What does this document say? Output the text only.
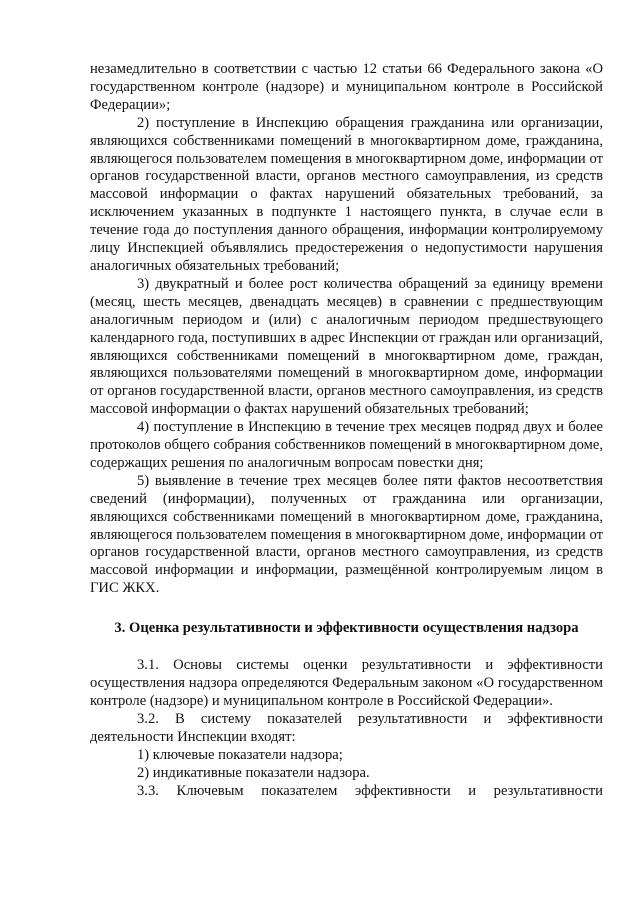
незамедлительно в соответствии с частью 12 статьи 66 Федерального закона «О государственном контроле (надзоре) и муниципальном контроле в Российской Федерации»;

2) поступление в Инспекцию обращения гражданина или организации, являющихся собственниками помещений в многоквартирном доме, гражданина, являющегося пользователем помещения в многоквартирном доме, информации от органов государственной власти, органов местного самоуправления, из средств массовой информации о фактах нарушений обязательных требований, за исключением указанных в подпункте 1 настоящего пункта, в случае если в течение года до поступления данного обращения, информации контролируемому лицу Инспекцией объявлялись предостережения о недопустимости нарушения аналогичных обязательных требований;

3) двукратный и более рост количества обращений за единицу времени (месяц, шесть месяцев, двенадцать месяцев) в сравнении с предшествующим аналогичным периодом и (или) с аналогичным периодом предшествующего календарного года, поступивших в адрес Инспекции от граждан или организаций, являющихся собственниками помещений в многоквартирном доме, граждан, являющихся пользователями помещений в многоквартирном доме, информации от органов государственной власти, органов местного самоуправления, из средств массовой информации о фактах нарушений обязательных требований;

4) поступление в Инспекцию в течение трех месяцев подряд двух и более протоколов общего собрания собственников помещений в многоквартирном доме, содержащих решения по аналогичным вопросам повестки дня;

5) выявление в течение трех месяцев более пяти фактов несоответствия сведений (информации), полученных от гражданина или организации, являющихся собственниками помещений в многоквартирном доме, гражданина, являющегося пользователем помещения в многоквартирном доме, информации от органов государственной власти, органов местного самоуправления, из средств массовой информации и информации, размещённой контролируемым лицом в ГИС ЖКХ.

3. Оценка результативности и эффективности осуществления надзора

3.1. Основы системы оценки результативности и эффективности осуществления надзора определяются Федеральным законом «О государственном контроле (надзоре) и муниципальном контроле в Российской Федерации».

3.2. В систему показателей результативности и эффективности деятельности Инспекции входят:

1) ключевые показатели надзора;

2) индикативные показатели надзора.

3.3. Ключевым показателем эффективности и результативности
